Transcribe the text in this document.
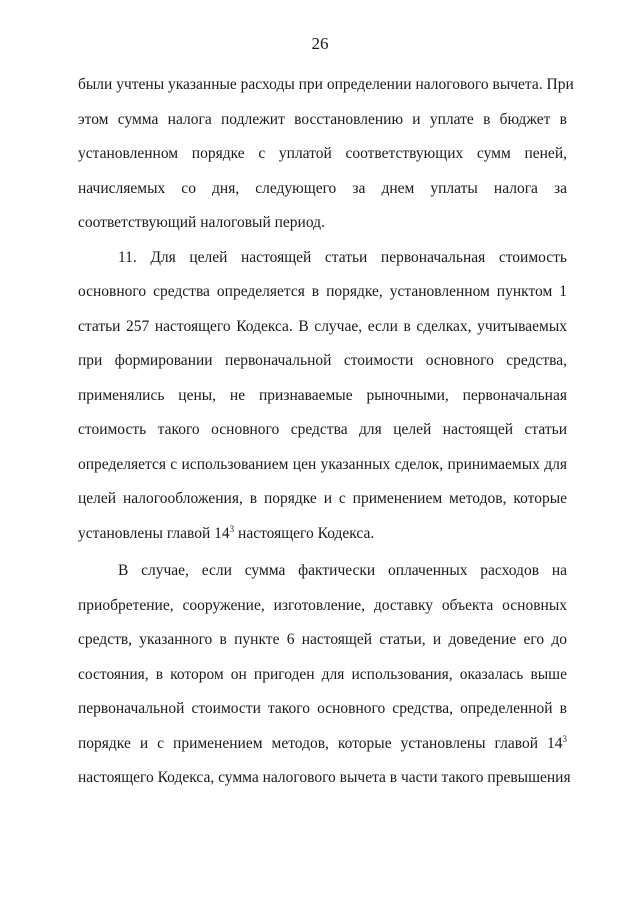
26
были учтены указанные расходы при определении налогового вычета. При
этом сумма налога подлежит восстановлению и уплате в бюджет в
установленном порядке с уплатой соответствующих сумм пеней,
начисляемых со дня, следующего за днем уплаты налога за
соответствующий налоговый период.
11. Для целей настоящей статьи первоначальная стоимость
основного средства определяется в порядке, установленном пунктом 1
статьи 257 настоящего Кодекса. В случае, если в сделках, учитываемых
при формировании первоначальной стоимости основного средства,
применялись цены, не признаваемые рыночными, первоначальная
стоимость такого основного средства для целей настоящей статьи
определяется с использованием цен указанных сделок, принимаемых для
целей налогообложения, в порядке и с применением методов, которые
установлены главой $14^3$ настоящего Кодекса.
В случае, если сумма фактически оплаченных расходов на
приобретение, сооружение, изготовление, доставку объекта основных
средств, указанного в пункте 6 настоящей статьи, и доведение его до
состояния, в котором он пригоден для использования, оказалась выше
первоначальной стоимости такого основного средства, определенной в
порядке и с применением методов, которые установлены главой $14^3$
настоящего Кодекса, сумма налогового вычета в части такого превышения
